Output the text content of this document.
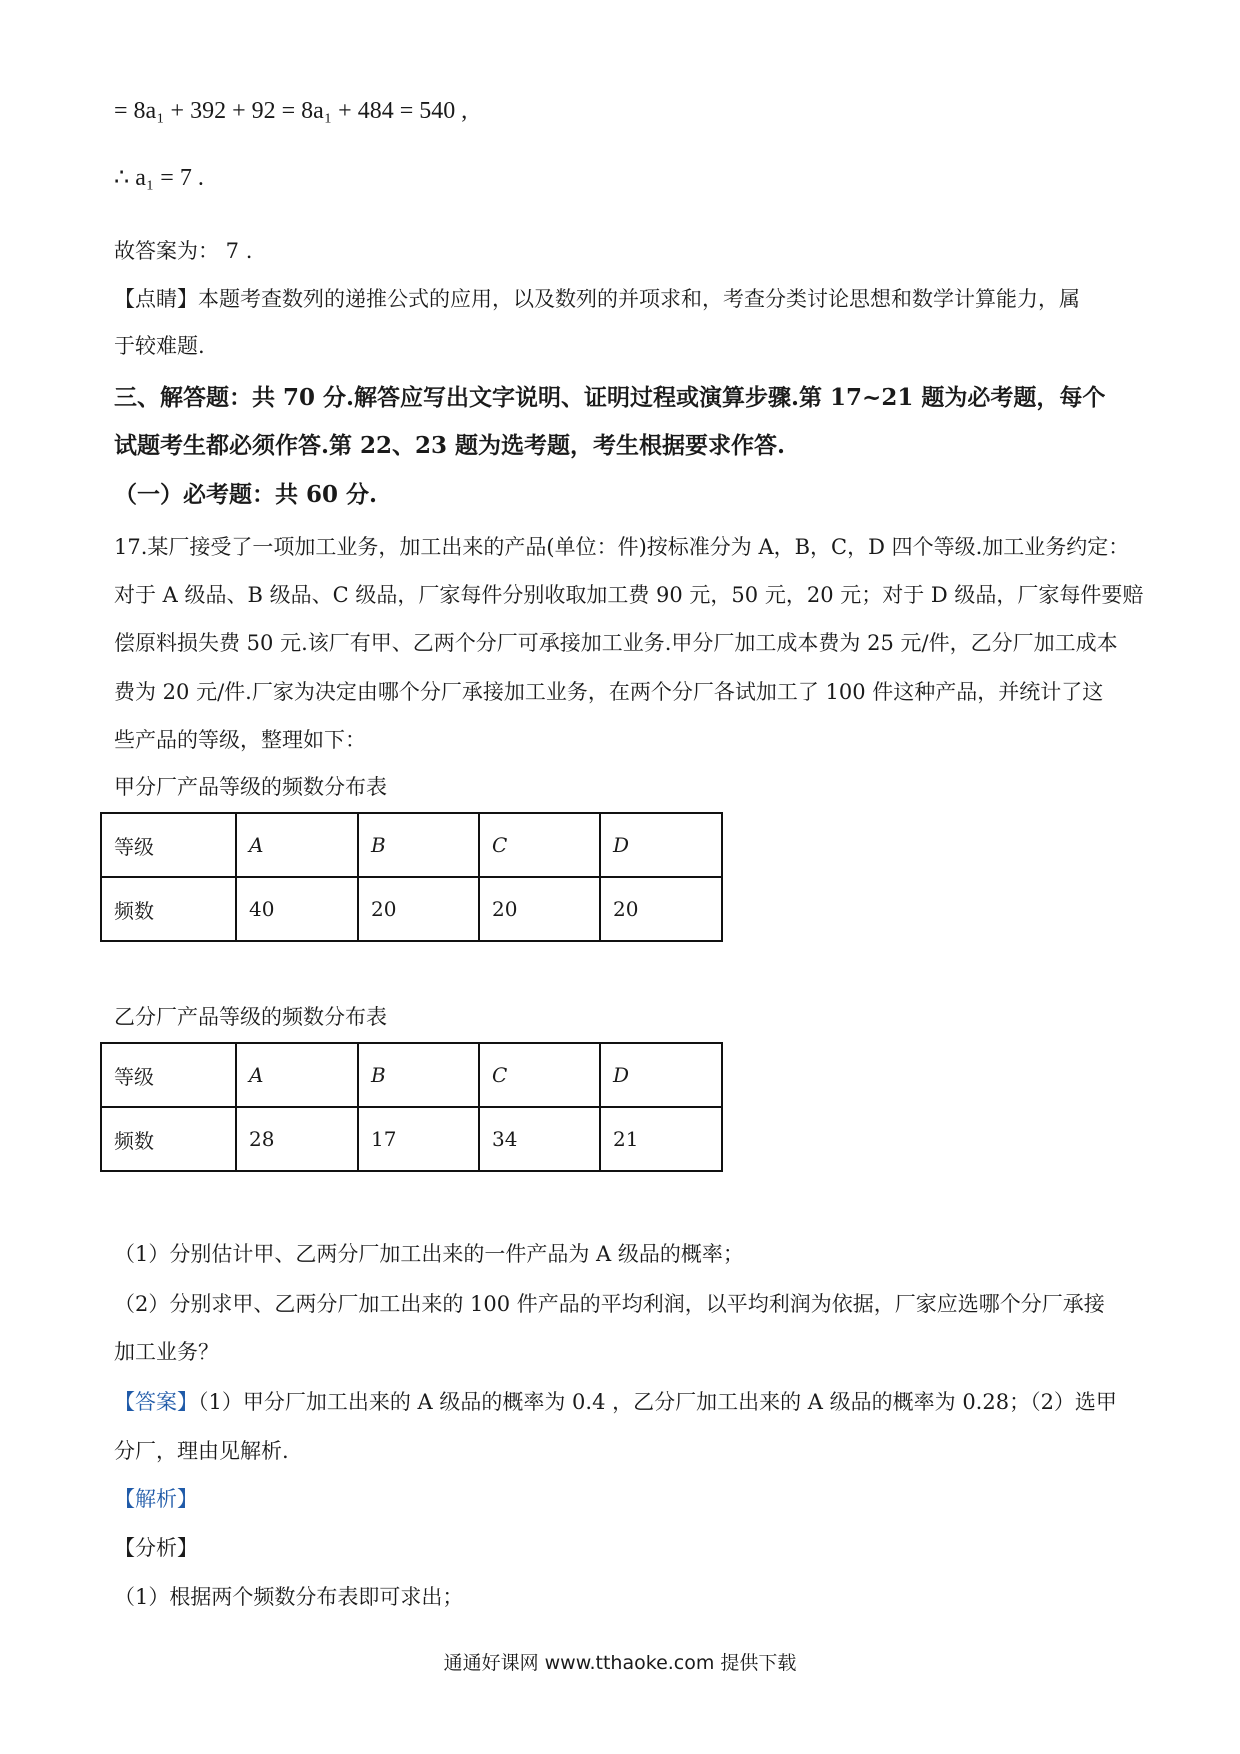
= 8a₁ + 392 + 92 = 8a₁ + 484 = 540 ,
∴ a₁ = 7 .
故答案为： 7 .
【点睛】本题考查数列的递推公式的应用，以及数列的并项求和，考查分类讨论思想和数学计算能力，属
于较难题.
三、解答题：共 70 分.解答应写出文字说明、证明过程或演算步骤.第 17~21 题为必考题，每个
试题考生都必须作答.第 22、23 题为选考题，考生根据要求作答.
（一）必考题：共 60 分.
17.某厂接受了一项加工业务，加工出来的产品(单位：件)按标准分为 A，B，C，D 四个等级.加工业务约定：
对于 A 级品、B 级品、C 级品，厂家每件分别收取加工费 90 元，50 元，20 元；对于 D 级品，厂家每件要赔
偿原料损失费 50 元.该厂有甲、乙两个分厂可承接加工业务.甲分厂加工成本费为 25 元/件，乙分厂加工成本
费为 20 元/件.厂家为决定由哪个分厂承接加工业务，在两个分厂各试加工了 100 件这种产品，并统计了这
些产品的等级，整理如下：
甲分厂产品等级的频数分布表
等级	A	B	C	D
频数	40	20	20	20
乙分厂产品等级的频数分布表
等级	A	B	C	D
频数	28	17	34	21
（1）分别估计甲、乙两分厂加工出来的一件产品为 A 级品的概率；
（2）分别求甲、乙两分厂加工出来的 100 件产品的平均利润，以平均利润为依据，厂家应选哪个分厂承接
加工业务？
【答案】（1）甲分厂加工出来的 A 级品的概率为 0.4 ，乙分厂加工出来的 A 级品的概率为 0.28；（2）选甲
分厂，理由见解析.
【解析】
【分析】
（1）根据两个频数分布表即可求出；
通通好课网 www.tthaoke.com 提供下载
